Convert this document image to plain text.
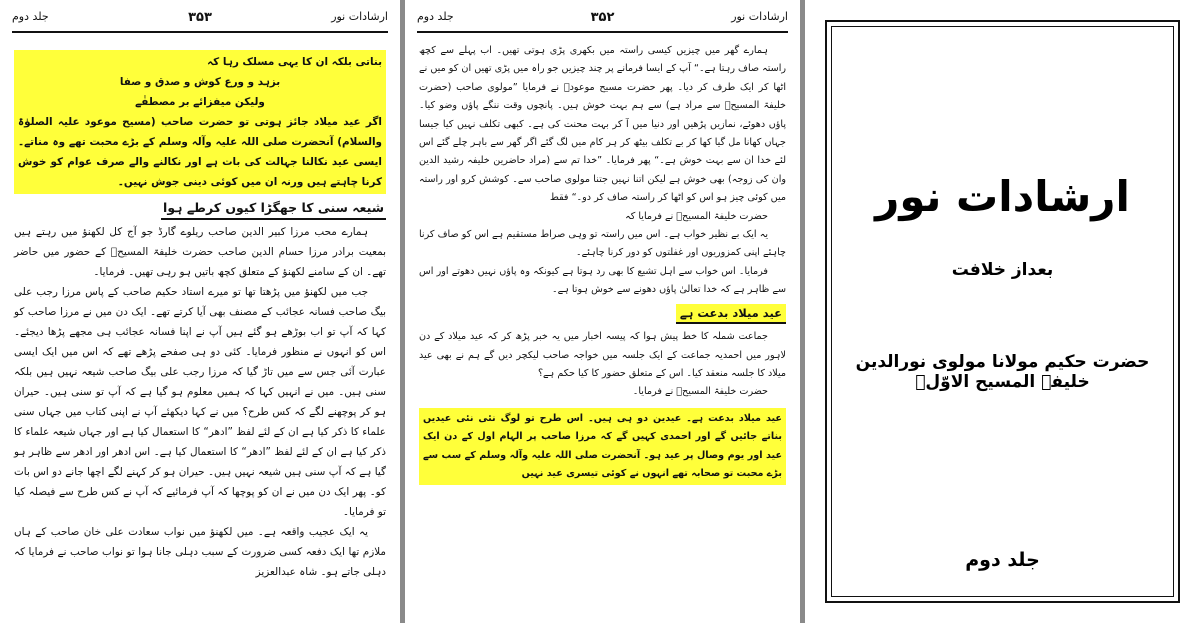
جلد دوم	۳۵۳	ارشادات نور

بناتی بلکہ ان کا یہی مسلک رہا کہ

بزہد و ورع کوش و صدق و صفا

ولیکن میفزائے بر مصطفٰے

اگر عید میلاد جائز ہوتی تو حضرت صاحب (مسیح موعود علیہ الصلوٰۃ والسلام) آنحضرت صلی اللہ علیہ وآلہ وسلم کے بڑے محبت تھے وہ مناتے۔ ایسی عید نکالنا جہالت کی بات ہے اور نکالنے والے صرف عوام کو خوش کرنا چاہتے ہیں ورنہ ان میں کوئی دینی جوش نہیں۔

شیعہ سنی کا جھگڑا کیوں کرطے ہوا

ہمارے محب مرزا کبیر الدین صاحب ریلوے گارڈ جو آج کل لکھنؤ میں رہتے ہیں بمعیت برادر مرزا حسام الدین صاحب حضرت خلیفۃ المسیحؑ کے حضور میں حاضر تھے۔ ان کے سامنے لکھنؤ کے متعلق کچھ باتیں ہو رہی تھیں۔ فرمایا۔

جب میں لکھنؤ میں پڑھتا تھا تو میرے استاد حکیم صاحب کے پاس مرزا رجب علی بیگ صاحب فسانہ عجائب کے مصنف بھی آیا کرتے تھے۔ ایک دن میں نے مرزا صاحب کو کہا کہ آپ تو اب بوڑھے ہو گئے ہیں آپ نے اپنا فسانہ عجائب ہی مجھے پڑھا دیجئے۔ اس کو انہوں نے منظور فرمایا۔ کئی دو ہی صفحے پڑھے تھے کہ اس میں ایک ایسی عبارت آئی جس سے میں تاڑ گیا کہ مرزا رجب علی بیگ صاحب شیعہ نہیں ہیں بلکہ سنی ہیں۔ میں نے انہیں کہا کہ ہمیں معلوم ہو گیا ہے کہ آپ تو سنی ہیں۔ حیران ہو کر پوچھنے لگے کہ کس طرح؟ میں نے کہا دیکھئے آپ نے اپنی کتاب میں جہاں سنی علماء کا ذکر کیا ہے ان کے لئے لفظ ”ادھر“ کا استعمال کیا ہے اور جہاں شیعہ علماء کا ذکر کیا ہے ان کے لئے لفظ ”ادھر“ کا استعمال کیا ہے۔ اس ادھر اور ادھر سے ظاہر ہو گیا ہے کہ آپ سنی ہیں شیعہ نہیں ہیں۔ حیران ہو کر کہنے لگے اچھا جانے دو اس بات کو۔ پھر ایک دن میں نے ان کو پوچھا کہ آپ فرمائیے کہ آپ نے کس طرح سے فیصلہ کیا تو فرمایا۔

یہ ایک عجیب واقعہ ہے۔ میں لکھنؤ میں نواب سعادت علی خان صاحب کے ہاں ملازم تھا ایک دفعہ کسی ضرورت کے سبب دہلی جانا ہوا تو نواب صاحب نے فرمایا کہ دہلی جاتے ہو۔ شاہ عبدالعزیز

جلد دوم	۳۵۲	ارشادات نور

ہمارے گھر میں چیزیں کیسی راستہ میں بکھری پڑی ہوتی تھیں۔ اب پہلے سے کچھ راستہ صاف رہتا ہے۔“ آپ کے ایسا فرمانے پر چند چیزیں جو راہ میں پڑی تھیں ان کو میں نے اٹھا کر ایک طرف کر دیا۔ پھر حضرت مسیح موعودؑ نے فرمایا ”مولوی صاحب (حضرت خلیفۃ المسیحؑ سے مراد ہے) سے ہم بہت خوش ہیں۔ پانچوں وقت ننگے پاؤں وضو کیا۔ پاؤں دھوئے، نمازیں پڑھیں اور دنیا میں آ کر بہت محنت کی ہے۔ کبھی تکلف نہیں کیا جیسا جہاں کھانا مل گیا کھا کر بے تکلف بیٹھ کر ہر کام میں لگ گئے اگر گھر سے باہر چلے گئے اس لئے خدا ان سے بہت خوش ہے۔“ پھر فرمایا۔ ”خدا تم سے (مراد حاضرین خلیفہ رشید الدین وان کی زوجہ) بھی خوش ہے لیکن اتنا نہیں جتنا مولوی صاحب سے۔ کوشش کرو اور راستہ میں کوئی چیز ہو اس کو اٹھا کر راستہ صاف کر دو۔“ فقط

حضرت خلیفۃ المسیحؑ نے فرمایا کہ

یہ ایک بے نظیر خواب ہے۔ اس میں راستہ تو وہی صراط مستقیم ہے اس کو صاف کرنا چاہئے اپنی کمزوریوں اور غفلتوں کو دور کرنا چاہئے۔

فرمایا۔ اس خواب سے اہل تشیع کا بھی رد ہوتا ہے کیونکہ وہ پاؤں نہیں دھوتے اور اس سے ظاہر ہے کہ خدا تعالیٰ پاؤں دھونے سے خوش ہوتا ہے۔

عید میلاد بدعت ہے

جماعت شملہ کا خط پیش ہوا کہ پیسہ اخبار میں یہ خبر پڑھ کر کہ عید میلاد کے دن لاہور میں احمدیہ جماعت کے ایک جلسہ میں خواجہ صاحب لیکچر دیں گے ہم نے بھی عید میلاد کا جلسہ منعقد کیا۔ اس کے متعلق حضور کا کیا حکم ہے؟

حضرت خلیفۃ المسیحؑ نے فرمایا۔

عید میلاد بدعت ہے۔ عیدین دو ہی ہیں۔ اس طرح تو لوگ نئی نئی عیدیں بناتے جائیں گے اور احمدی کہیں گے کہ مرزا صاحب پر الہام اول کے دن ایک عید اور یوم وصال پر عید ہو۔ آنحضرت صلی اللہ علیہ وآلہ وسلم کے سب سے بڑے محبت تو صحابہ تھے انہوں نے کوئی تیسری عید نہیں

ارشادات نور
بعداز خلافت
حضرت حکیم مولانا مولوی نورالدین خلیفۃ المسیح الاوّلؓ
جلد دوم
